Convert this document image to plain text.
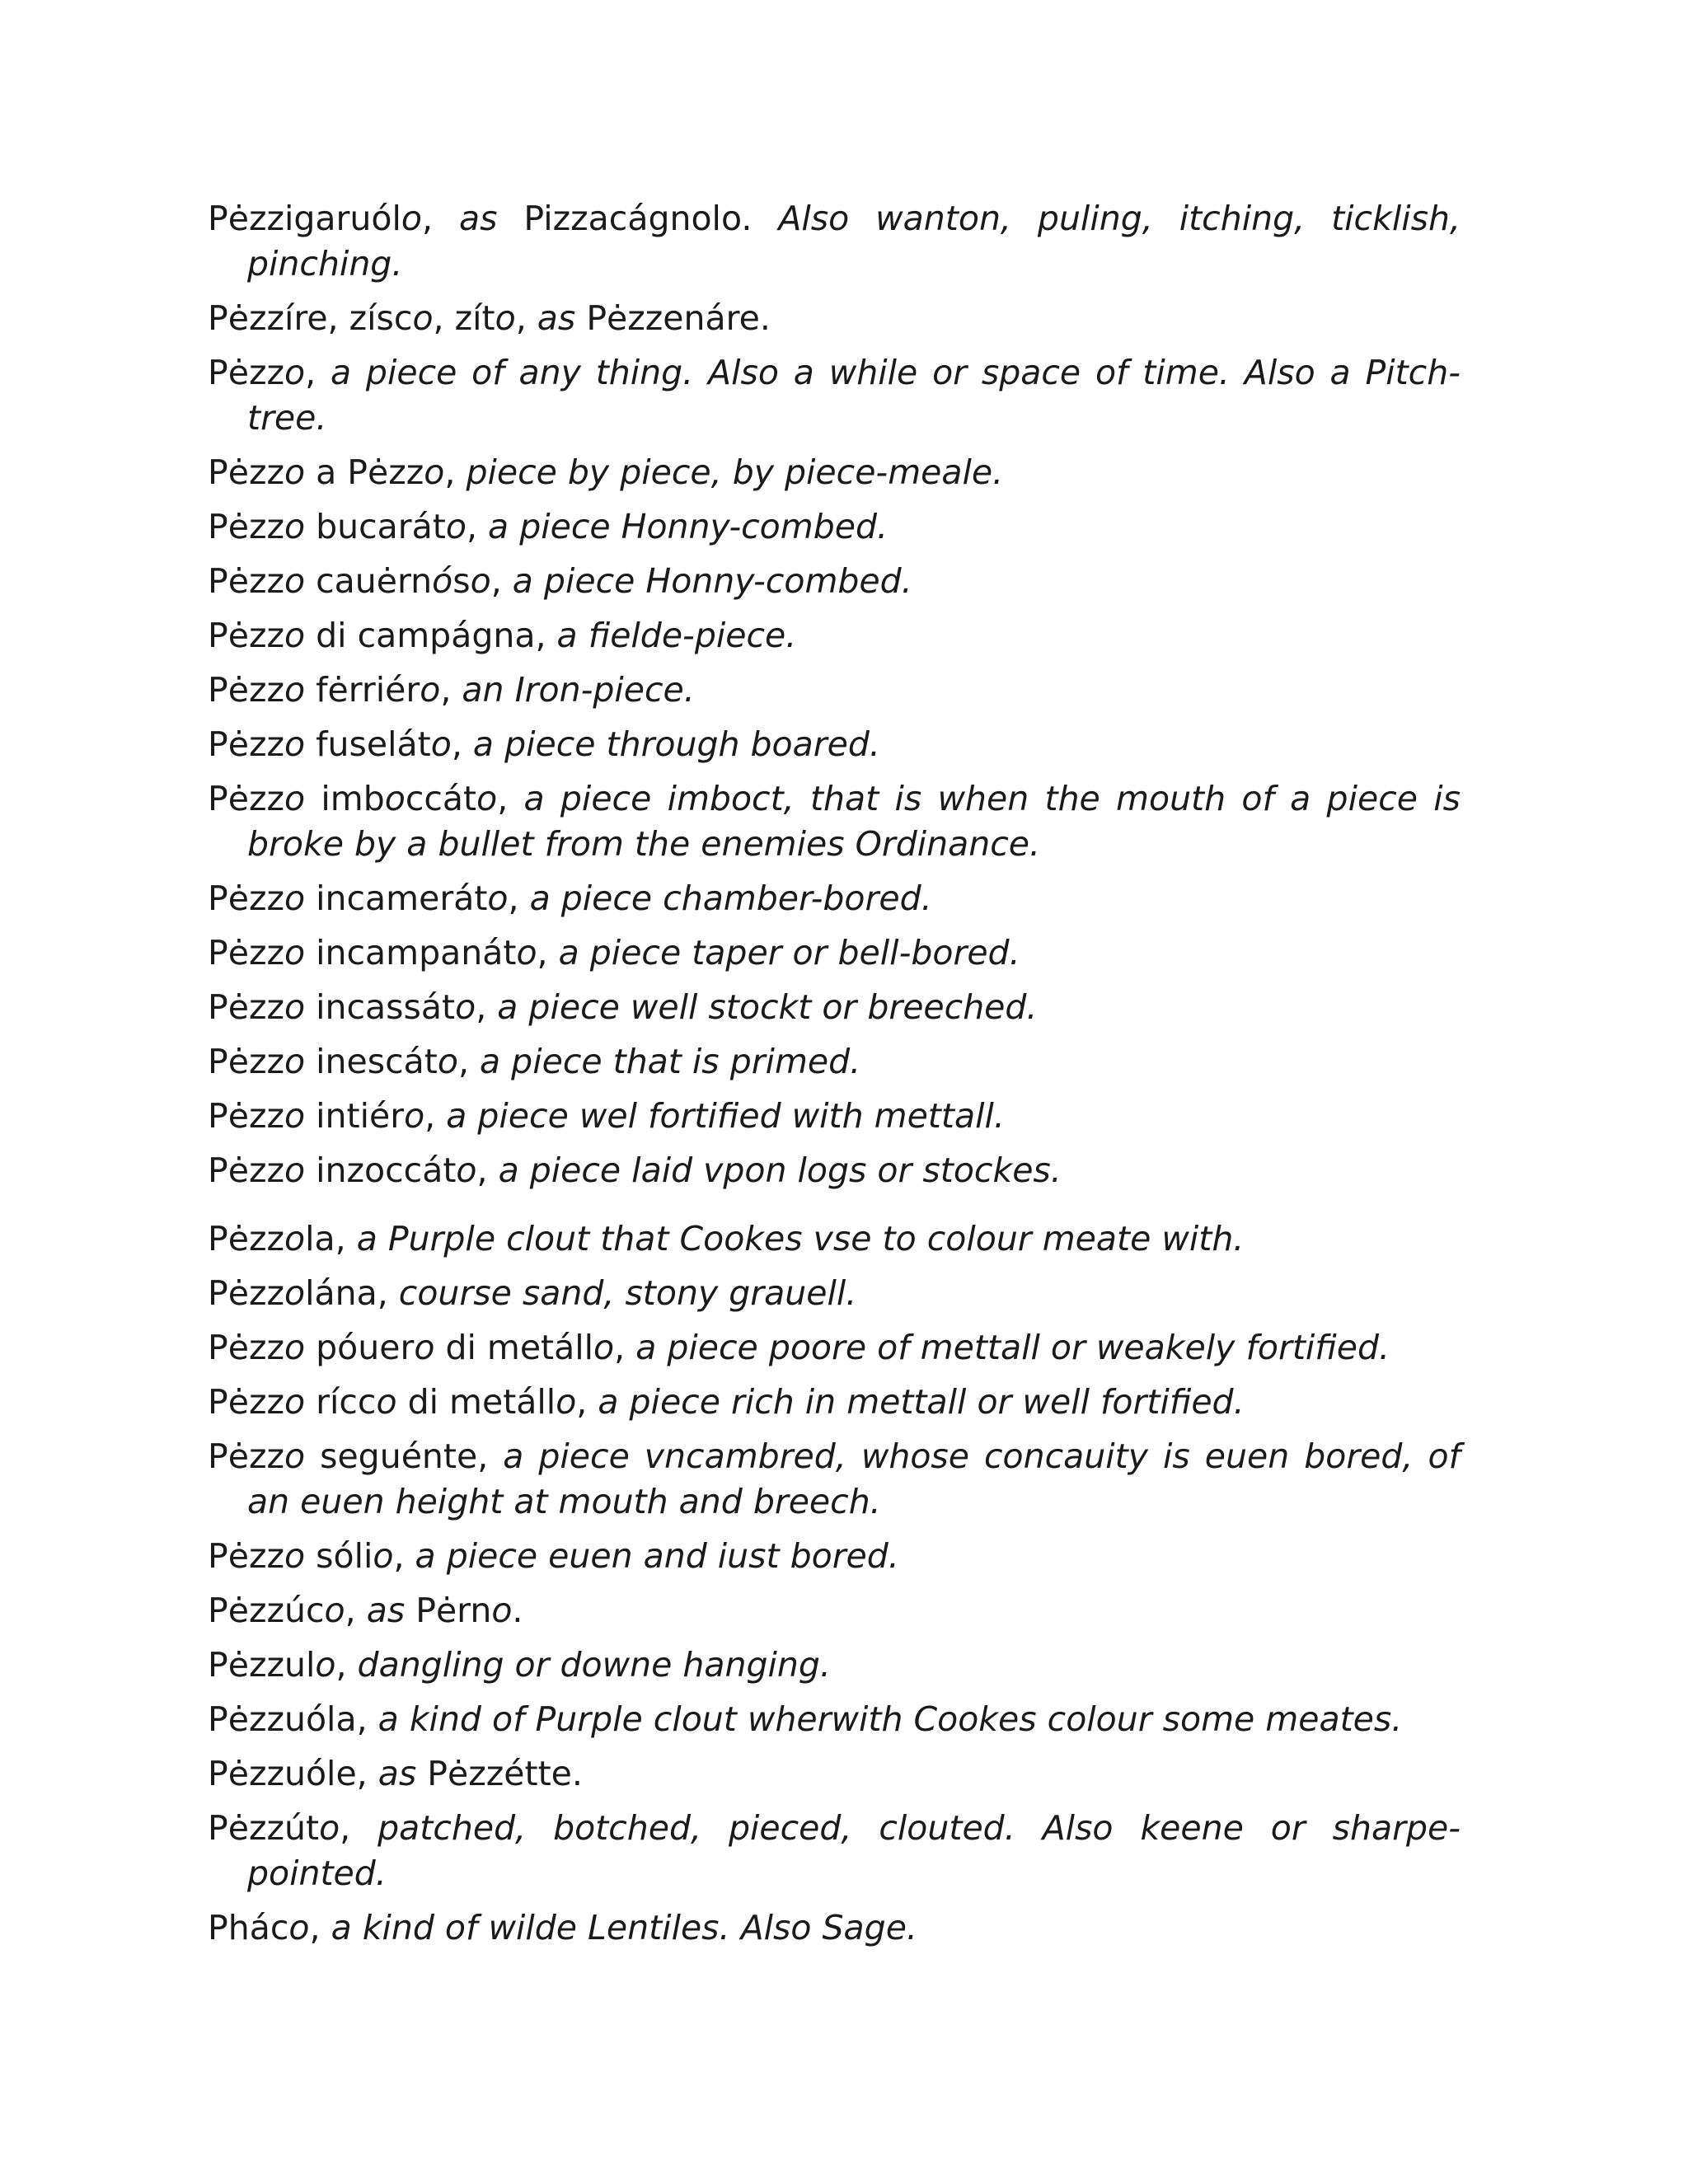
Pėzzigaruólo, as Pizzacágnolo. Also wanton, puling, itching, ticklish, pinching.

Pėzzíre, zísco, zíto, as Pėzzenáre.

Pėzzo, a piece of any thing. Also a while or space of time. Also a Pitch-tree.

Pėzzo a Pėzzo, piece by piece, by piece-meale.

Pėzzo bucaráto, a piece Honny-combed.

Pėzzo cauėrnóso, a piece Honny-combed.

Pėzzo di campágna, a fielde-piece.

Pėzzo fėrriéro, an Iron-piece.

Pėzzo fuseláto, a piece through boared.

Pėzzo imboccáto, a piece imboct, that is when the mouth of a piece is broke by a bullet from the enemies Ordinance.

Pėzzo incameráto, a piece chamber-bored.

Pėzzo incampanáto, a piece taper or bell-bored.

Pėzzo incassáto, a piece well stockt or breeched.

Pėzzo inescáto, a piece that is primed.

Pėzzo intiéro, a piece wel fortified with mettall.

Pėzzo inzoccáto, a piece laid vpon logs or stockes.

Pėzzola, a Purple clout that Cookes vse to colour meate with.

Pėzzolána, course sand, stony grauell.

Pėzzo póuero di metállo, a piece poore of mettall or weakely fortified.

Pėzzo rícco di metállo, a piece rich in mettall or well fortified.

Pėzzo seguénte, a piece vncambred, whose concauity is euen bored, of an euen height at mouth and breech.

Pėzzo sólio, a piece euen and iust bored.

Pėzzúco, as Pėrno.

Pėzzulo, dangling or downe hanging.

Pėzzuóla, a kind of Purple clout wherwith Cookes colour some meates.

Pėzzuóle, as Pėzzétte.

Pėzzúto, patched, botched, pieced, clouted. Also keene or sharpe-pointed.

Pháco, a kind of wilde Lentiles. Also Sage.
